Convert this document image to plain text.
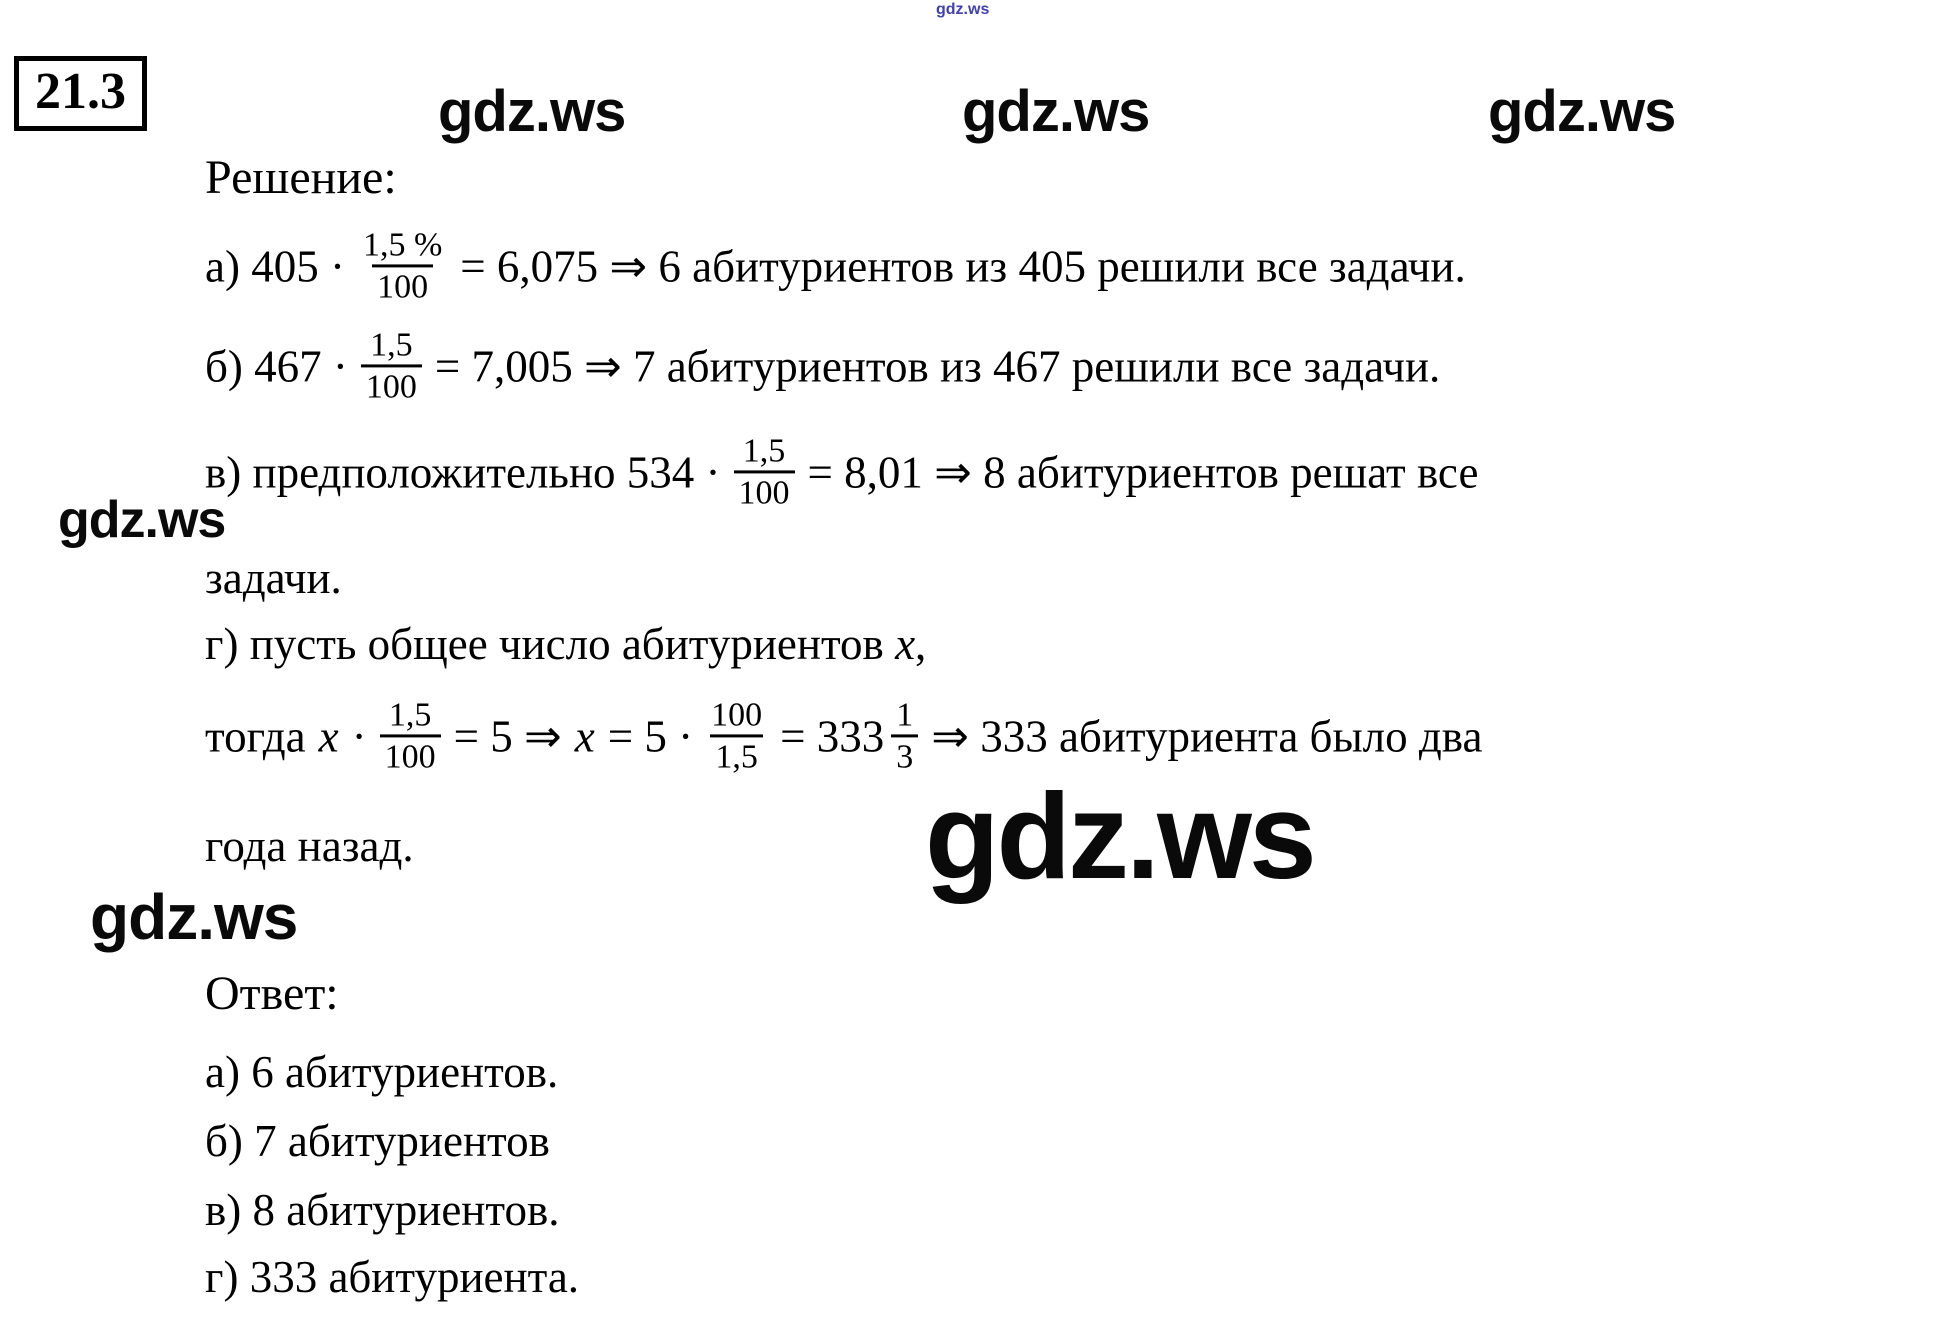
gdz.ws
21.3	gdz.ws	gdz.ws	gdz.ws
Решение:
а) $405 \cdot \frac{1,5 \%}{100} = 6,075$ ⇒ 6 абитуриентов из 405 решили все задачи.
б) $467 \cdot \frac{1,5}{100} = 7,005$ ⇒ 7 абитуриентов из 467 решили все задачи.
в) предположительно $534 \cdot \frac{1,5}{100} = 8,01$ ⇒ 8 абитуриентов решат все
gdz.ws
задачи.
г) пусть общее число абитуриентов x,
тогда $x \cdot \frac{1,5}{100} = 5$ ⇒ $x = 5 \cdot \frac{100}{1,5} = 333 \frac{1}{3}$ ⇒ 333 абитуриента было два
года назад.	gdz.ws
gdz.ws
Ответ:
а) 6 абитуриентов.
б) 7 абитуриентов
в) 8 абитуриентов.
г) 333 абитуриента.
